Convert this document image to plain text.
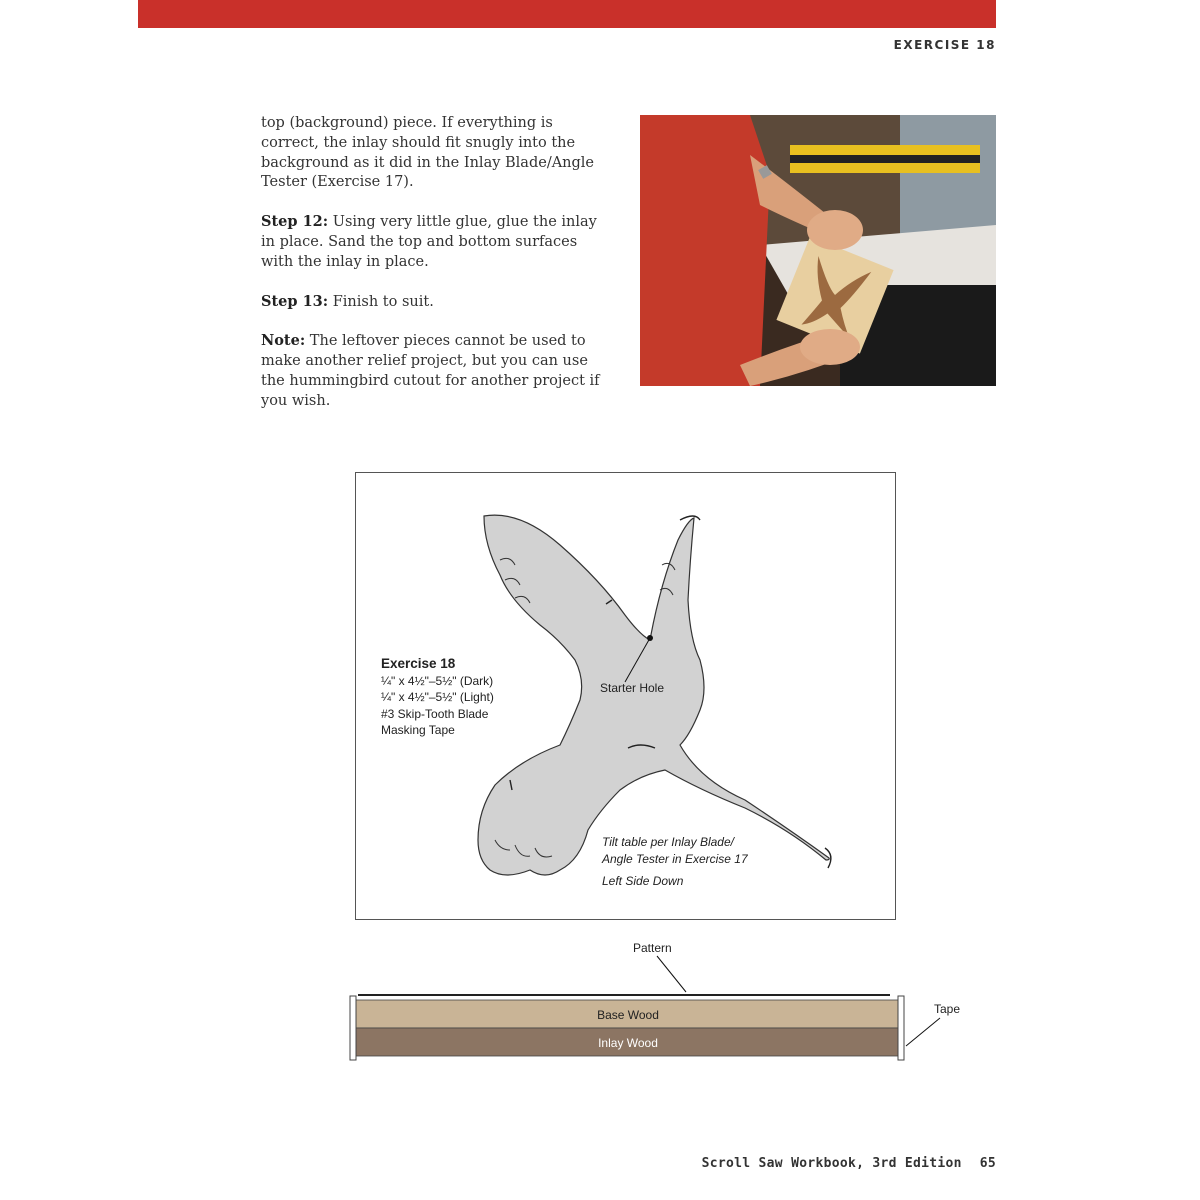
EXERCISE 18

top (background) piece. If everything is correct, the inlay should fit snugly into the background as it did in the Inlay Blade/Angle Tester (Exercise 17).

Step 12: Using very little glue, glue the inlay in place. Sand the top and bottom surfaces with the inlay in place.

Step 13: Finish to suit.

Note: The leftover pieces cannot be used to make another relief project, but you can use the hummingbird cutout for another project if you wish.

Starter Hole
Tilt table per Inlay Blade/
Angle Tester in Exercise 17
Left Side Down
Pattern
Base Wood
Inlay Wood
Tape
Exercise 18
¼" x 4½"–5½" (Dark)
¼" x 4½"–5½" (Light)
#3 Skip-Tooth Blade
Masking Tape
Scroll Saw Workbook, 3rd Edition 65
